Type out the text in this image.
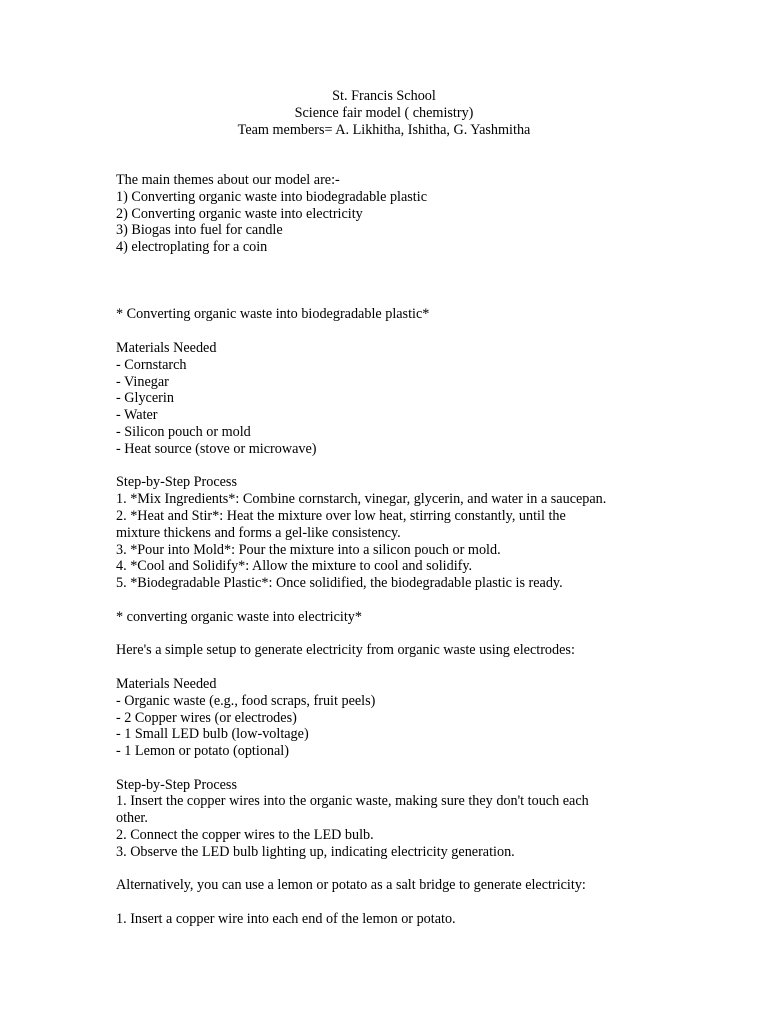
St. Francis School
Science fair model ( chemistry)
Team members= A. Likhitha, Ishitha, G. Yashmitha
The main themes about our model are:-
1) Converting organic waste into biodegradable plastic
2) Converting organic waste into electricity
3) Biogas into fuel for candle
4) electroplating for a coin
* Converting organic waste into biodegradable plastic*
Materials Needed
- Cornstarch
- Vinegar
- Glycerin
- Water
- Silicon pouch or mold
- Heat source (stove or microwave)
Step-by-Step Process
1. *Mix Ingredients*: Combine cornstarch, vinegar, glycerin, and water in a saucepan.
2. *Heat and Stir*: Heat the mixture over low heat, stirring constantly, until the
mixture thickens and forms a gel-like consistency.
3. *Pour into Mold*: Pour the mixture into a silicon pouch or mold.
4. *Cool and Solidify*: Allow the mixture to cool and solidify.
5. *Biodegradable Plastic*: Once solidified, the biodegradable plastic is ready.
* converting organic waste into electricity*
Here's a simple setup to generate electricity from organic waste using electrodes:
Materials Needed
- Organic waste (e.g., food scraps, fruit peels)
- 2 Copper wires (or electrodes)
- 1 Small LED bulb (low-voltage)
- 1 Lemon or potato (optional)
Step-by-Step Process
1. Insert the copper wires into the organic waste, making sure they don't touch each
other.
2. Connect the copper wires to the LED bulb.
3. Observe the LED bulb lighting up, indicating electricity generation.
Alternatively, you can use a lemon or potato as a salt bridge to generate electricity:
1. Insert a copper wire into each end of the lemon or potato.
